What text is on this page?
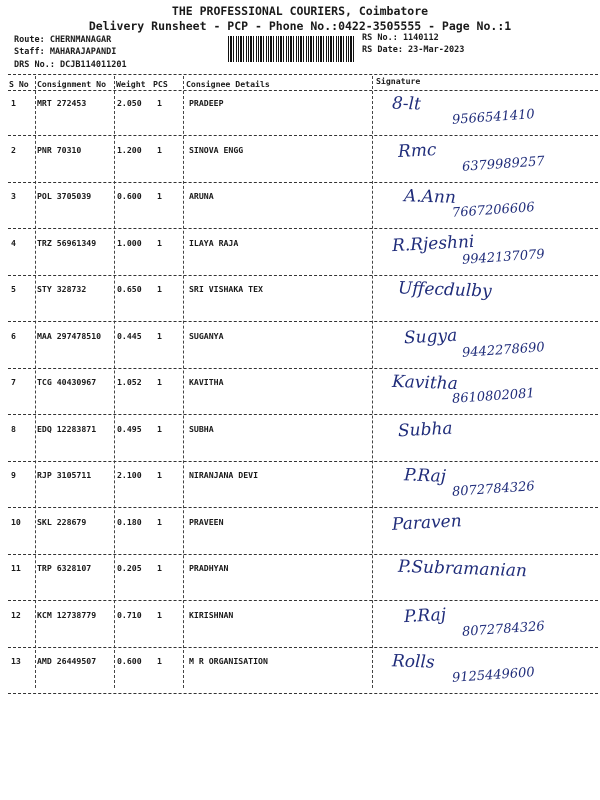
THE PROFESSIONAL COURIERS, Coimbatore
Delivery Runsheet - PCP - Phone No.:0422-3505555 - Page No.:1
Route: CHERNMANAGAR
Staff: MAHARAJAPANDI
DRS No.: DCJB114011201
RS No.: 1140112
RS Date: 23-Mar-2023
S No Consignment No Weight PCS Consignee Details	Signature
1	MRT 272453	2.050 1	PRADEEP	8-lt
9566541410
2	PNR 70310	1.200 1	SINOVA ENGG	Rmc
6379989257
3	POL 3705039	0.600 1	ARUNA	A.Ann
7667206606
4	TRZ 56961349	1.000 1	ILAYA RAJA	R.Rjeshni
9942137079
5	STY 328732	0.650 1	SRI VISHAKA TEX	Uffecdulby
6	MAA 297478510 0.445 1	SUGANYA	Sugya
9442278690
7	TCG 40430967	1.052 1	KAVITHA	Kavitha
8610802081
8	EDQ 12283871	0.495 1	SUBHA	Subha
9	RJP 3105711	2.100 1	NIRANJANA DEVI	P.Raj
8072784326
10 SKL 228679	0.180 1	PRAVEEN	Paraven
11 TRP 6328107	0.205 1	PRADHYAN	P.Subramanian
12 KCM 12738779	0.710 1	KIRISHNAN	P.Raj
8072784326
13 AMD 26449507	0.600 1	M R ORGANISATION	Rolls
9125449600
